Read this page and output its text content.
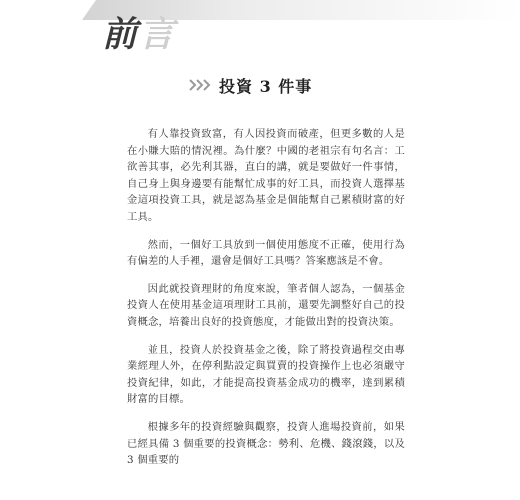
前言
投資 3 件事

有人靠投資致富，有人因投資而破產，但更多數的人是在小賺大賠的情況裡。為什麼？中國的老祖宗有句名言：工欲善其事，必先利其器，直白的講，就是要做好一件事情，自己身上與身邊要有能幫忙成事的好工具，而投資人選擇基金這項投資工具，就是認為基金是個能幫自己累積財富的好工具。

然而，一個好工具放到一個使用態度不正確，使用行為有偏差的人手裡，還會是個好工具嗎？答案應該是不會。

因此就投資理財的角度來說，筆者個人認為，一個基金投資人在使用基金這項理財工具前，還要先調整好自己的投資概念，培養出良好的投資態度，才能做出對的投資決策。

並且，投資人於投資基金之後，除了將投資過程交由專業經理人外，在停利點設定與買賣的投資操作上也必須嚴守投資紀律，如此，才能提高投資基金成功的機率，達到累積財富的目標。

根據多年的投資經驗與觀察，投資人進場投資前，如果已經具備 3 個重要的投資概念：勢利、危機、錢滾錢，以及 3 個重要的
